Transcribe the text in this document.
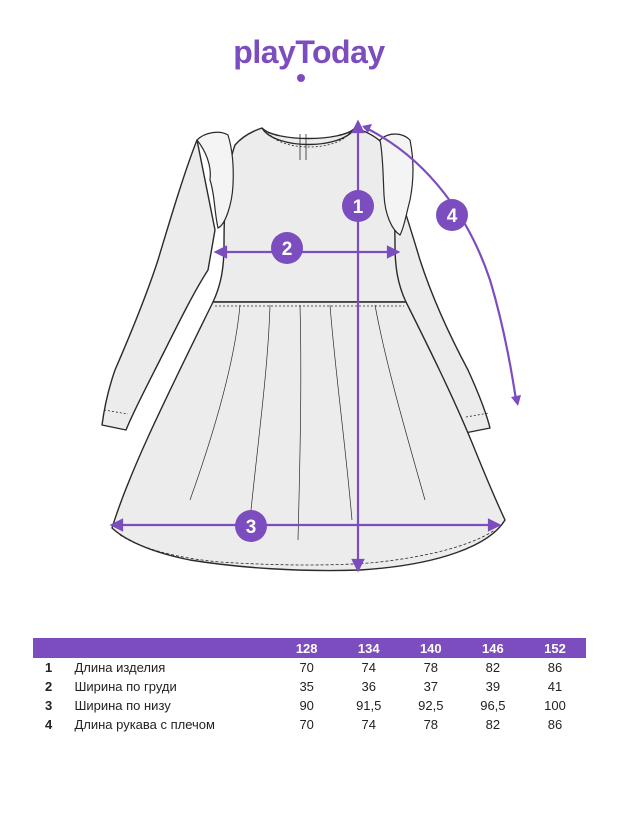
playToday
1
2
3
4
		128	134	140	146	152
1	Длина изделия	70	74	78	82	86
2	Ширина по груди	35	36	37	39	41
3	Ширина по низу	90	91,5	92,5	96,5	100
4	Длина рукава с плечом	70	74	78	82	86
